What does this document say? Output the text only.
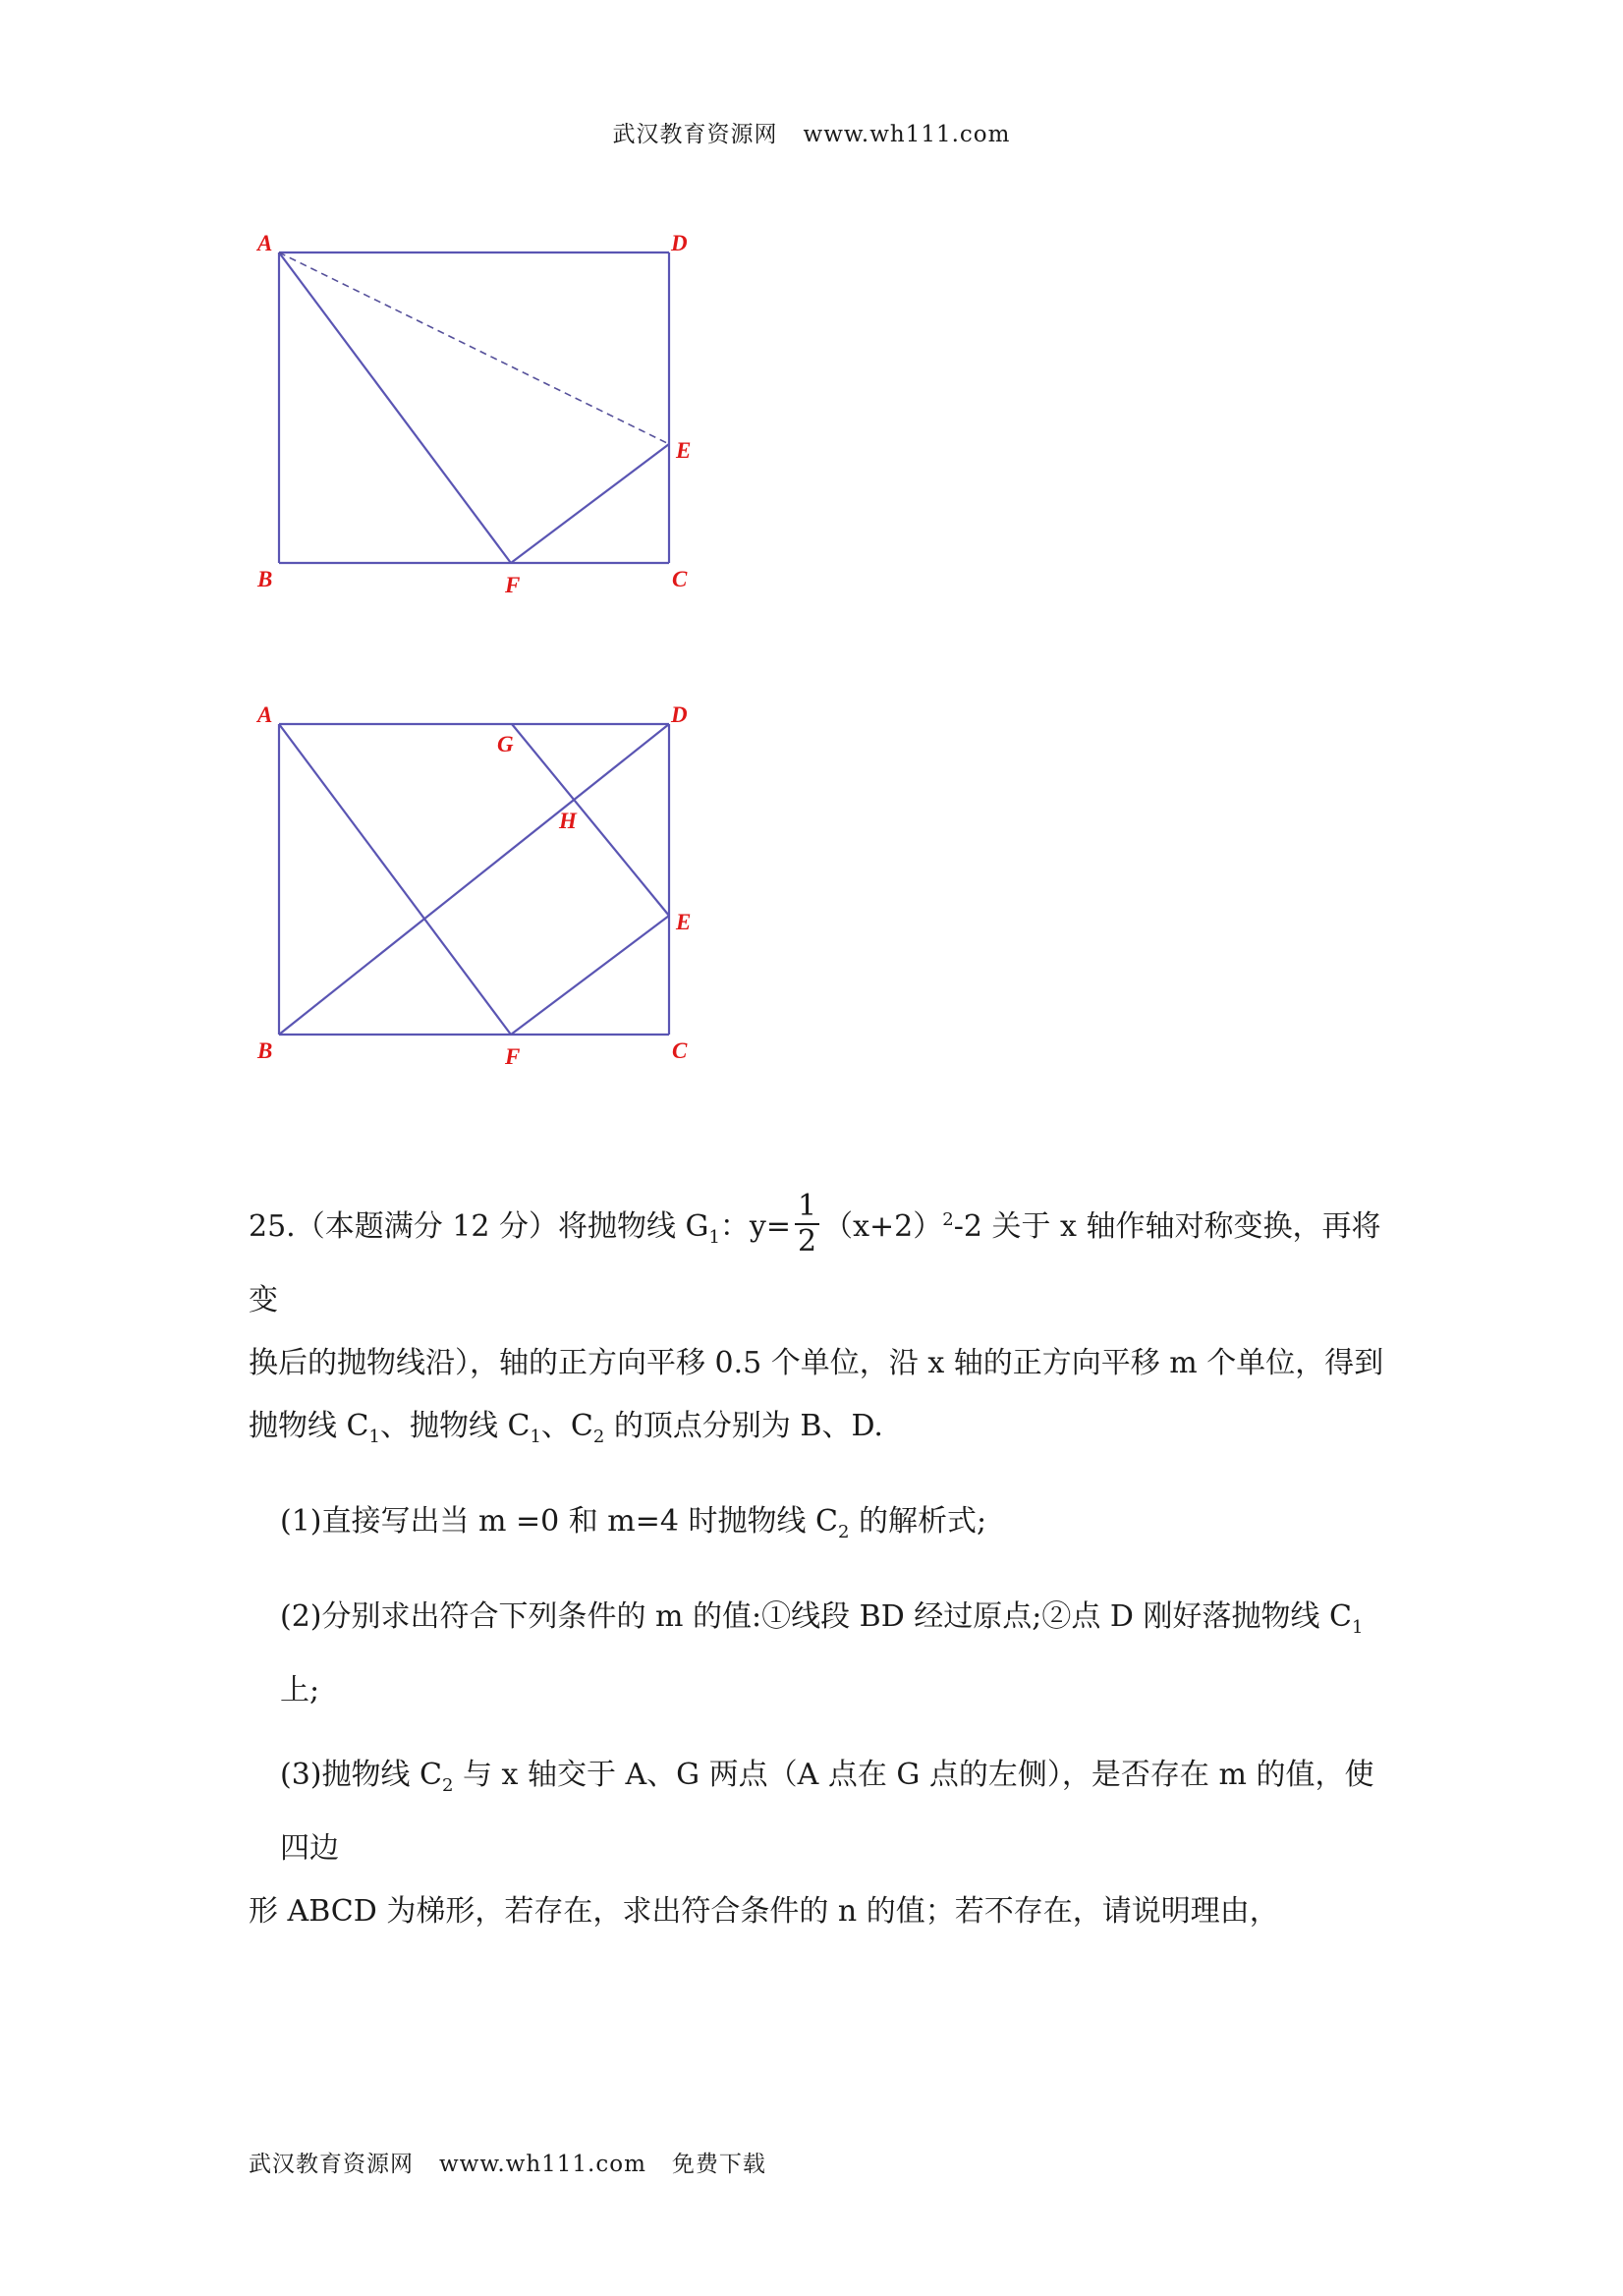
武汉教育资源网 www.wh111.com
A	D
E
B	F	C
A	D
G
H
E
B	F	C

25.（本题满分 12 分）将抛物线 $G_1$：$y= \frac{1}{2} (x+2)^2-2$ 关于 x 轴作轴对称变换，再将变

换后的抛物线沿），轴的正方向平移 0.5 个单位，沿 x 轴的正方向平移 m 个单位，得到

抛物线 $C_1$、抛物线 $C_1$、$C_2$ 的顶点分别为 B、D.

(1)直接写出当 m =0 和 m=4 时抛物线 $C_2$ 的解析式;

(2)分别求出符合下列条件的 m 的值:①线段 BD 经过原点;②点 D 刚好落抛物线 $C_1$ 上;

(3)抛物线 $C_2$ 与 x 轴交于 A、G 两点（A 点在 G 点的左侧），是否存在 m 的值，使四边

形 ABCD 为梯形，若存在，求出符合条件的 n 的值；若不存在，请说明理由，

武汉教育资源网 www.wh111.com 免费下载
